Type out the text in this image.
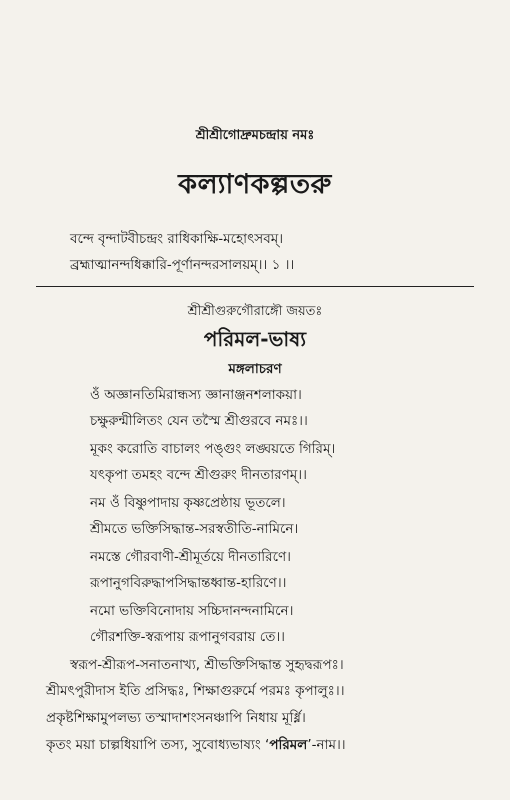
শ্রীশ্রীগোদ্রুমচন্দ্রায় নমঃ
কল্যাণকল্পতরু
বন্দে বৃন্দাটবীচন্দ্রং রাধিকাক্ষি-মহোৎসবম্।
ব্রহ্মাত্মানন্দধিক্কারি-পূর্ণানন্দরসালয়ম্।। ১ ।।
শ্রীশ্রীগুরুগৌরাঙ্গৌ জয়তঃ
পরিমল-ভাষ্য
মঙ্গলাচরণ
ওঁ অজ্ঞানতিমিরান্ধস্য জ্ঞানাঞ্জনশলাকয়া।
চক্ষুরুন্মীলিতং যেন তস্মৈ শ্রীগুরবে নমঃ।।
মূকং করোতি বাচালং পঙ্গুং লঙ্ঘয়তে গিরিম্।
যৎকৃপা তমহং বন্দে শ্রীগুরুং দীনতারণম্।।
নম ওঁ বিষ্ণুপাদায় কৃষ্ণপ্রেষ্ঠায় ভূতলে।
শ্রীমতে ভক্তিসিদ্ধান্ত-সরস্বতীতি-নামিনে।
নমস্তে গৌরবাণী-শ্রীমূর্তয়ে দীনতারিণে।
রূপানুগবিরুদ্ধাপসিদ্ধান্তধ্বান্ত-হারিণে।।
নমো ভক্তিবিনোদায় সচ্চিদানন্দনামিনে।
গৌরশক্তি-স্বরূপায় রূপানুগবরায় তে।।
স্বরূপ-শ্রীরূপ-সনাতনাখ্য, শ্রীভক্তিসিদ্ধান্ত সুহৃদ্বরূপঃ।
শ্রীমৎপুরীদাস ইতি প্রসিদ্ধঃ, শিক্ষাগুরুর্মে পরমঃ কৃপালুঃ।।
প্রকৃষ্টশিক্ষামুপলভ্য তস্মাদাশংসনঞ্চাপি নিধায় মূর্ধ্নি।
কৃতং ময়া চাল্পধিয়াপি তস্য, সুবোধ্যভাষ্যং ‘পরিমল’-নাম।।
